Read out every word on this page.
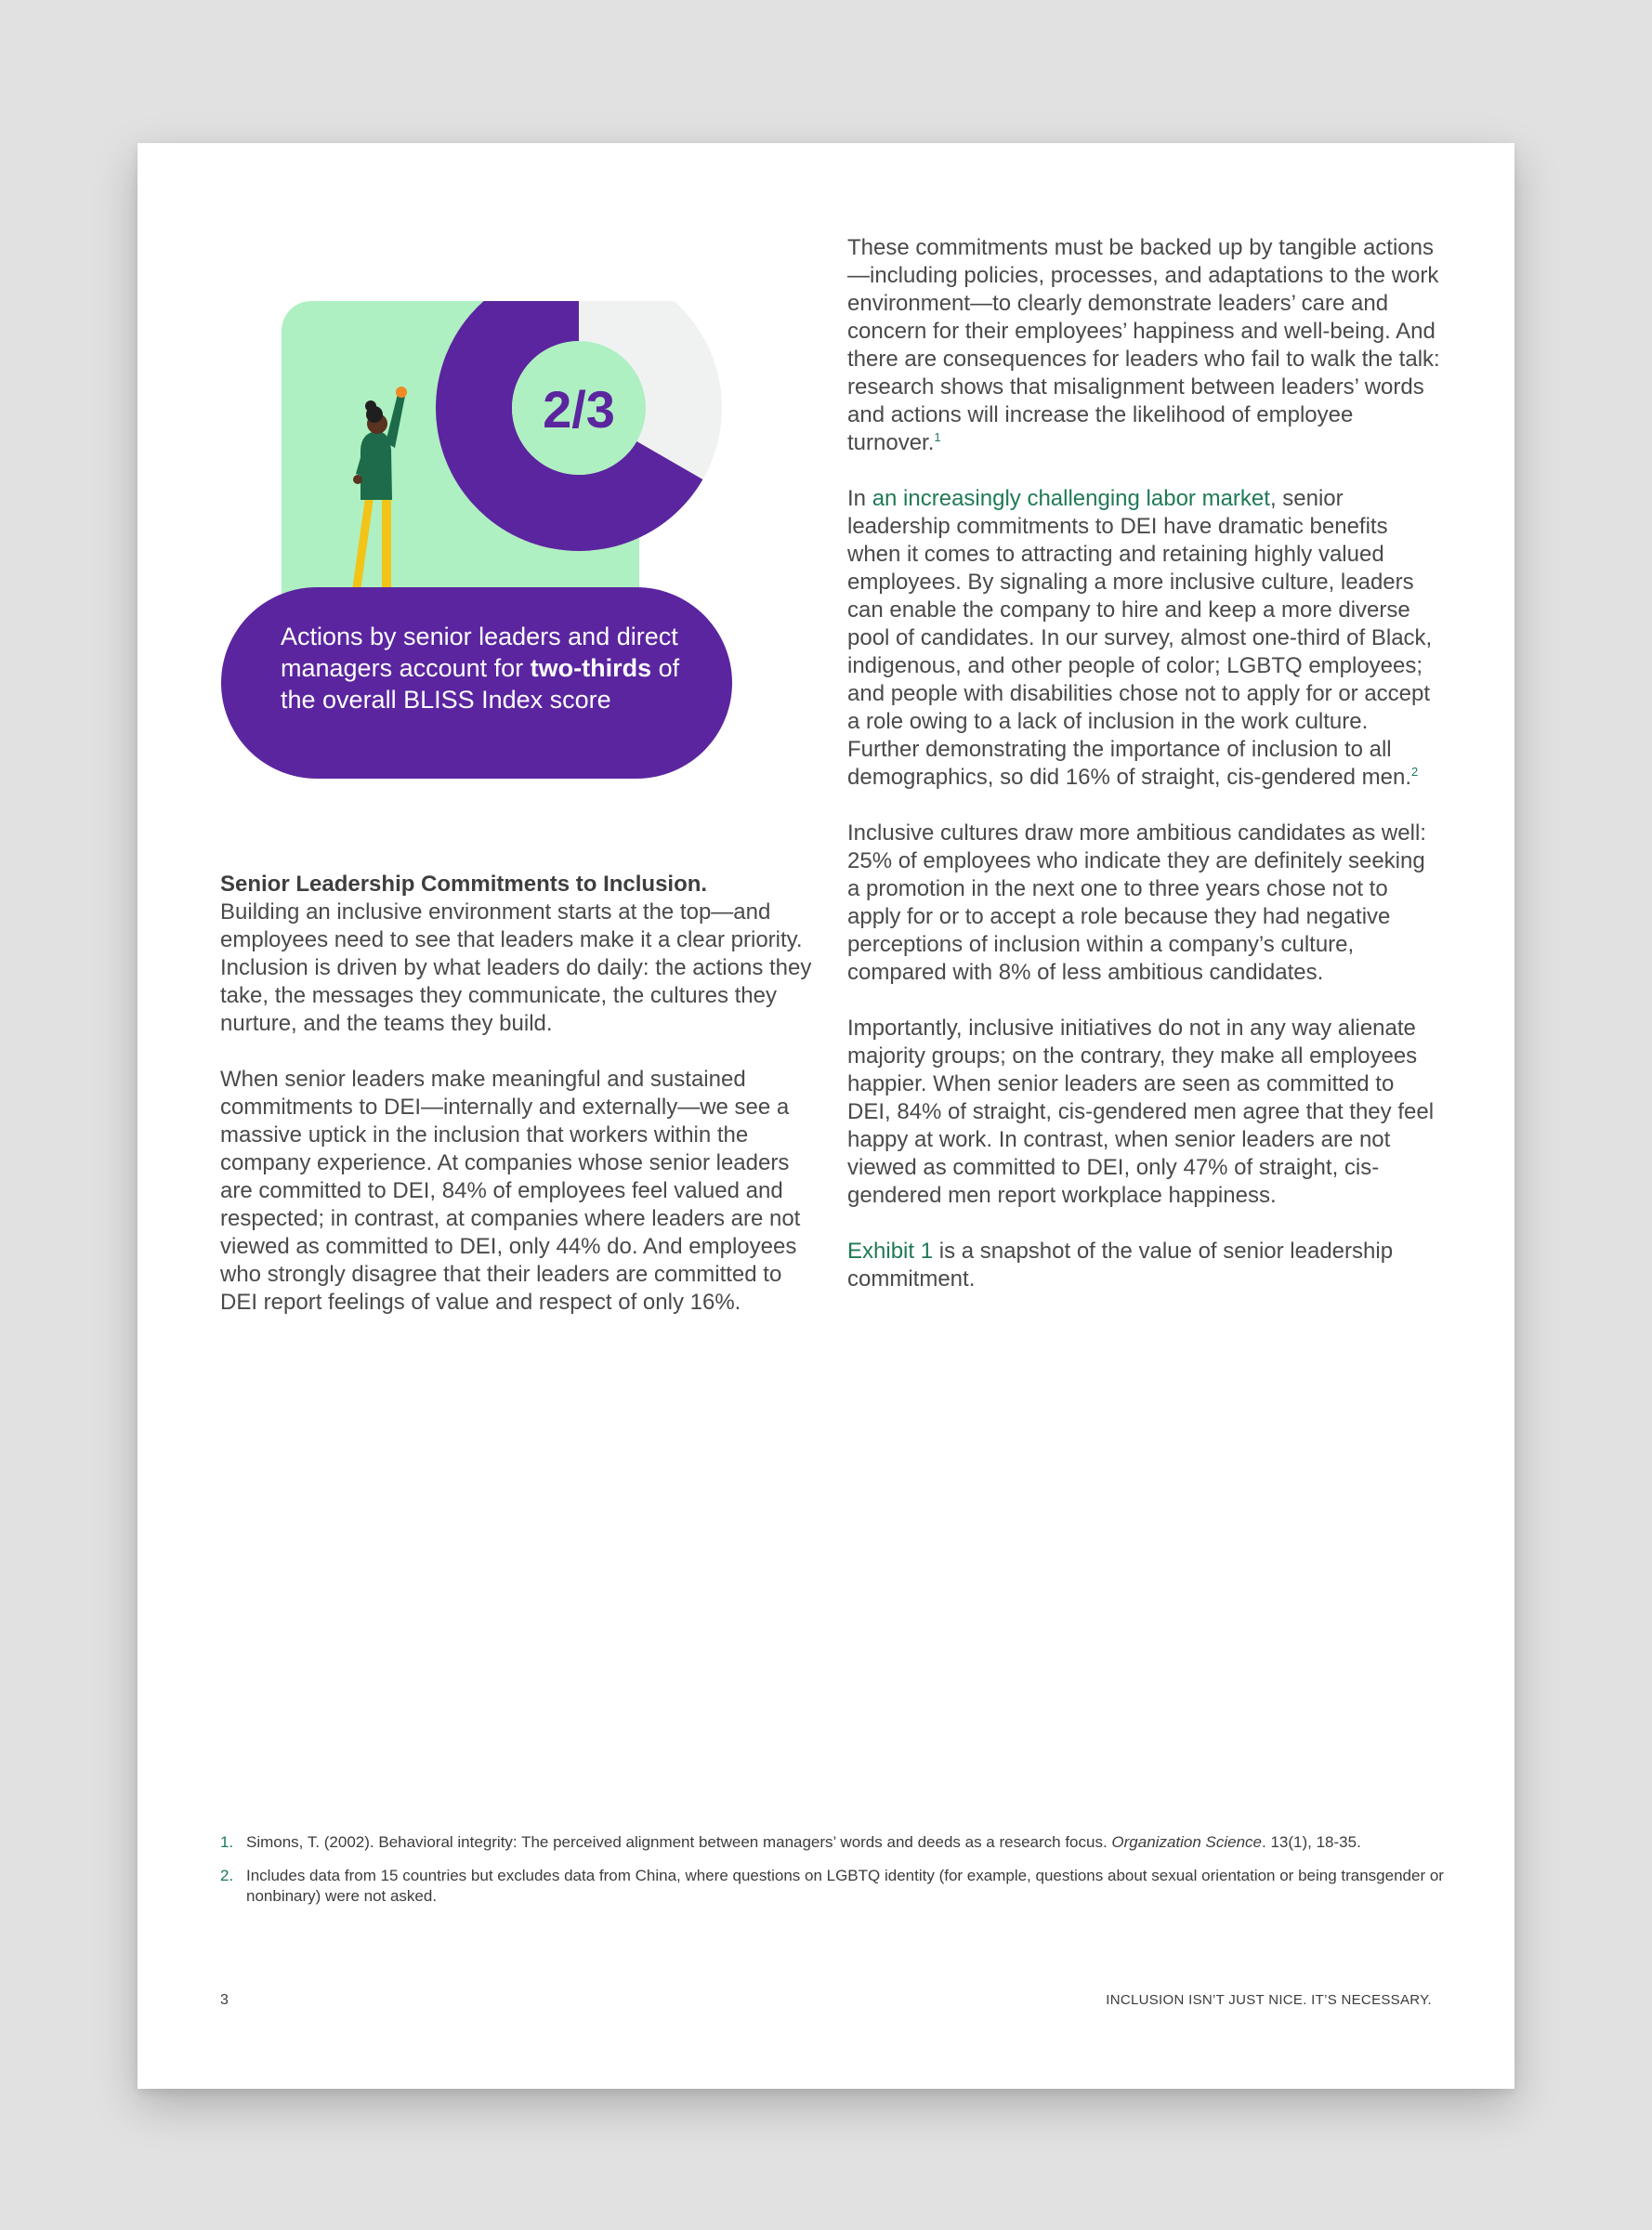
2/3
Actions by senior leaders and direct managers account for two-thirds of the overall BLISS Index score

Senior Leadership Commitments to Inclusion.
Building an inclusive environment starts at the top—and employees need to see that leaders make it a clear priority. Inclusion is driven by what leaders do daily: the actions they take, the messages they communicate, the cultures they nurture, and the teams they build.

When senior leaders make meaningful and sustained commitments to DEI—internally and externally—we see a massive uptick in the inclusion that workers within the company experience. At companies whose senior leaders are committed to DEI, 84% of employees feel valued and respected; in contrast, at companies where leaders are not viewed as committed to DEI, only 44% do. And employees who strongly disagree that their leaders are committed to DEI report feelings of value and respect of only 16%.

These commitments must be backed up by tangible actions—including policies, processes, and adaptations to the work environment—to clearly demonstrate leaders’ care and concern for their employees’ happiness and well-being. And there are consequences for leaders who fail to walk the talk: research shows that misalignment between leaders’ words and actions will increase the likelihood of employee turnover.$^1$

In an increasingly challenging labor market, senior leadership commitments to DEI have dramatic benefits when it comes to attracting and retaining highly valued employees. By signaling a more inclusive culture, leaders can enable the company to hire and keep a more diverse pool of candidates. In our survey, almost one-third of Black, indigenous, and other people of color; LGBTQ employees; and people with disabilities chose not to apply for or accept a role owing to a lack of inclusion in the work culture. Further demonstrating the importance of inclusion to all demographics, so did 16% of straight, cis-gendered men.$^2$

Inclusive cultures draw more ambitious candidates as well: 25% of employees who indicate they are definitely seeking a promotion in the next one to three years chose not to apply for or to accept a role because they had negative perceptions of inclusion within a company’s culture, compared with 8% of less ambitious candidates.

Importantly, inclusive initiatives do not in any way alienate majority groups; on the contrary, they make all employees happier. When senior leaders are seen as committed to DEI, 84% of straight, cis-gendered men agree that they feel happy at work. In contrast, when senior leaders are not viewed as committed to DEI, only 47% of straight, cis-gendered men report workplace happiness.

Exhibit 1 is a snapshot of the value of senior leadership commitment.

1. Simons, T. (2002). Behavioral integrity: The perceived alignment between managers’ words and deeds as a research focus. Organization Science. 13(1), 18-35.
2. Includes data from 15 countries but excludes data from China, where questions on LGBTQ identity (for example, questions about sexual orientation or being transgender or nonbinary) were not asked.
3	INCLUSION ISN’T JUST NICE. IT’S NECESSARY.
